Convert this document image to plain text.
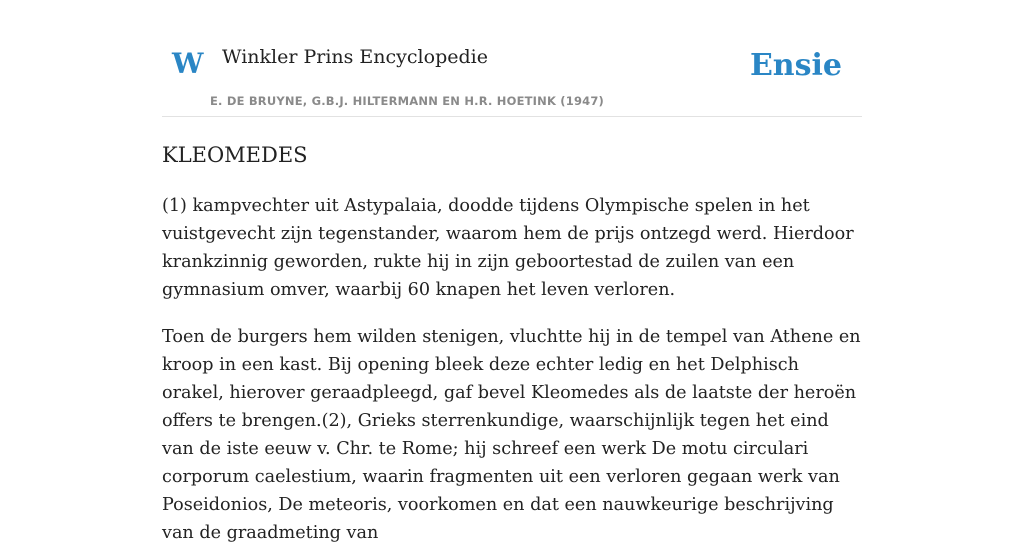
W Winkler Prins Encyclopedie
E. DE BRUYNE, G.B.J. HILTERMANN EN H.R. HOETINK (1947)
Ensie
KLEOMEDES

(1) kampvechter uit Astypalaia, doodde tijdens Olympische spelen in het vuistgevecht zijn tegenstander, waarom hem de prijs ontzegd werd. Hierdoor krankzinnig geworden, rukte hij in zijn geboortestad de zuilen van een gymnasium omver, waarbij 60 knapen het leven verloren.

Toen de burgers hem wilden stenigen, vluchtte hij in de tempel van Athene en kroop in een kast. Bij opening bleek deze echter ledig en het Delphisch orakel, hierover geraadpleegd, gaf bevel Kleomedes als de laatste der heroën offers te brengen.(2), Grieks sterrenkundige, waarschijnlijk tegen het eind van de iste eeuw v. Chr. te Rome; hij schreef een werk De motu circulari corporum caelestium, waarin fragmenten uit een verloren gegaan werk van Poseidonios, De meteoris, voorkomen en dat een nauwkeurige beschrijving van de graadmeting van
